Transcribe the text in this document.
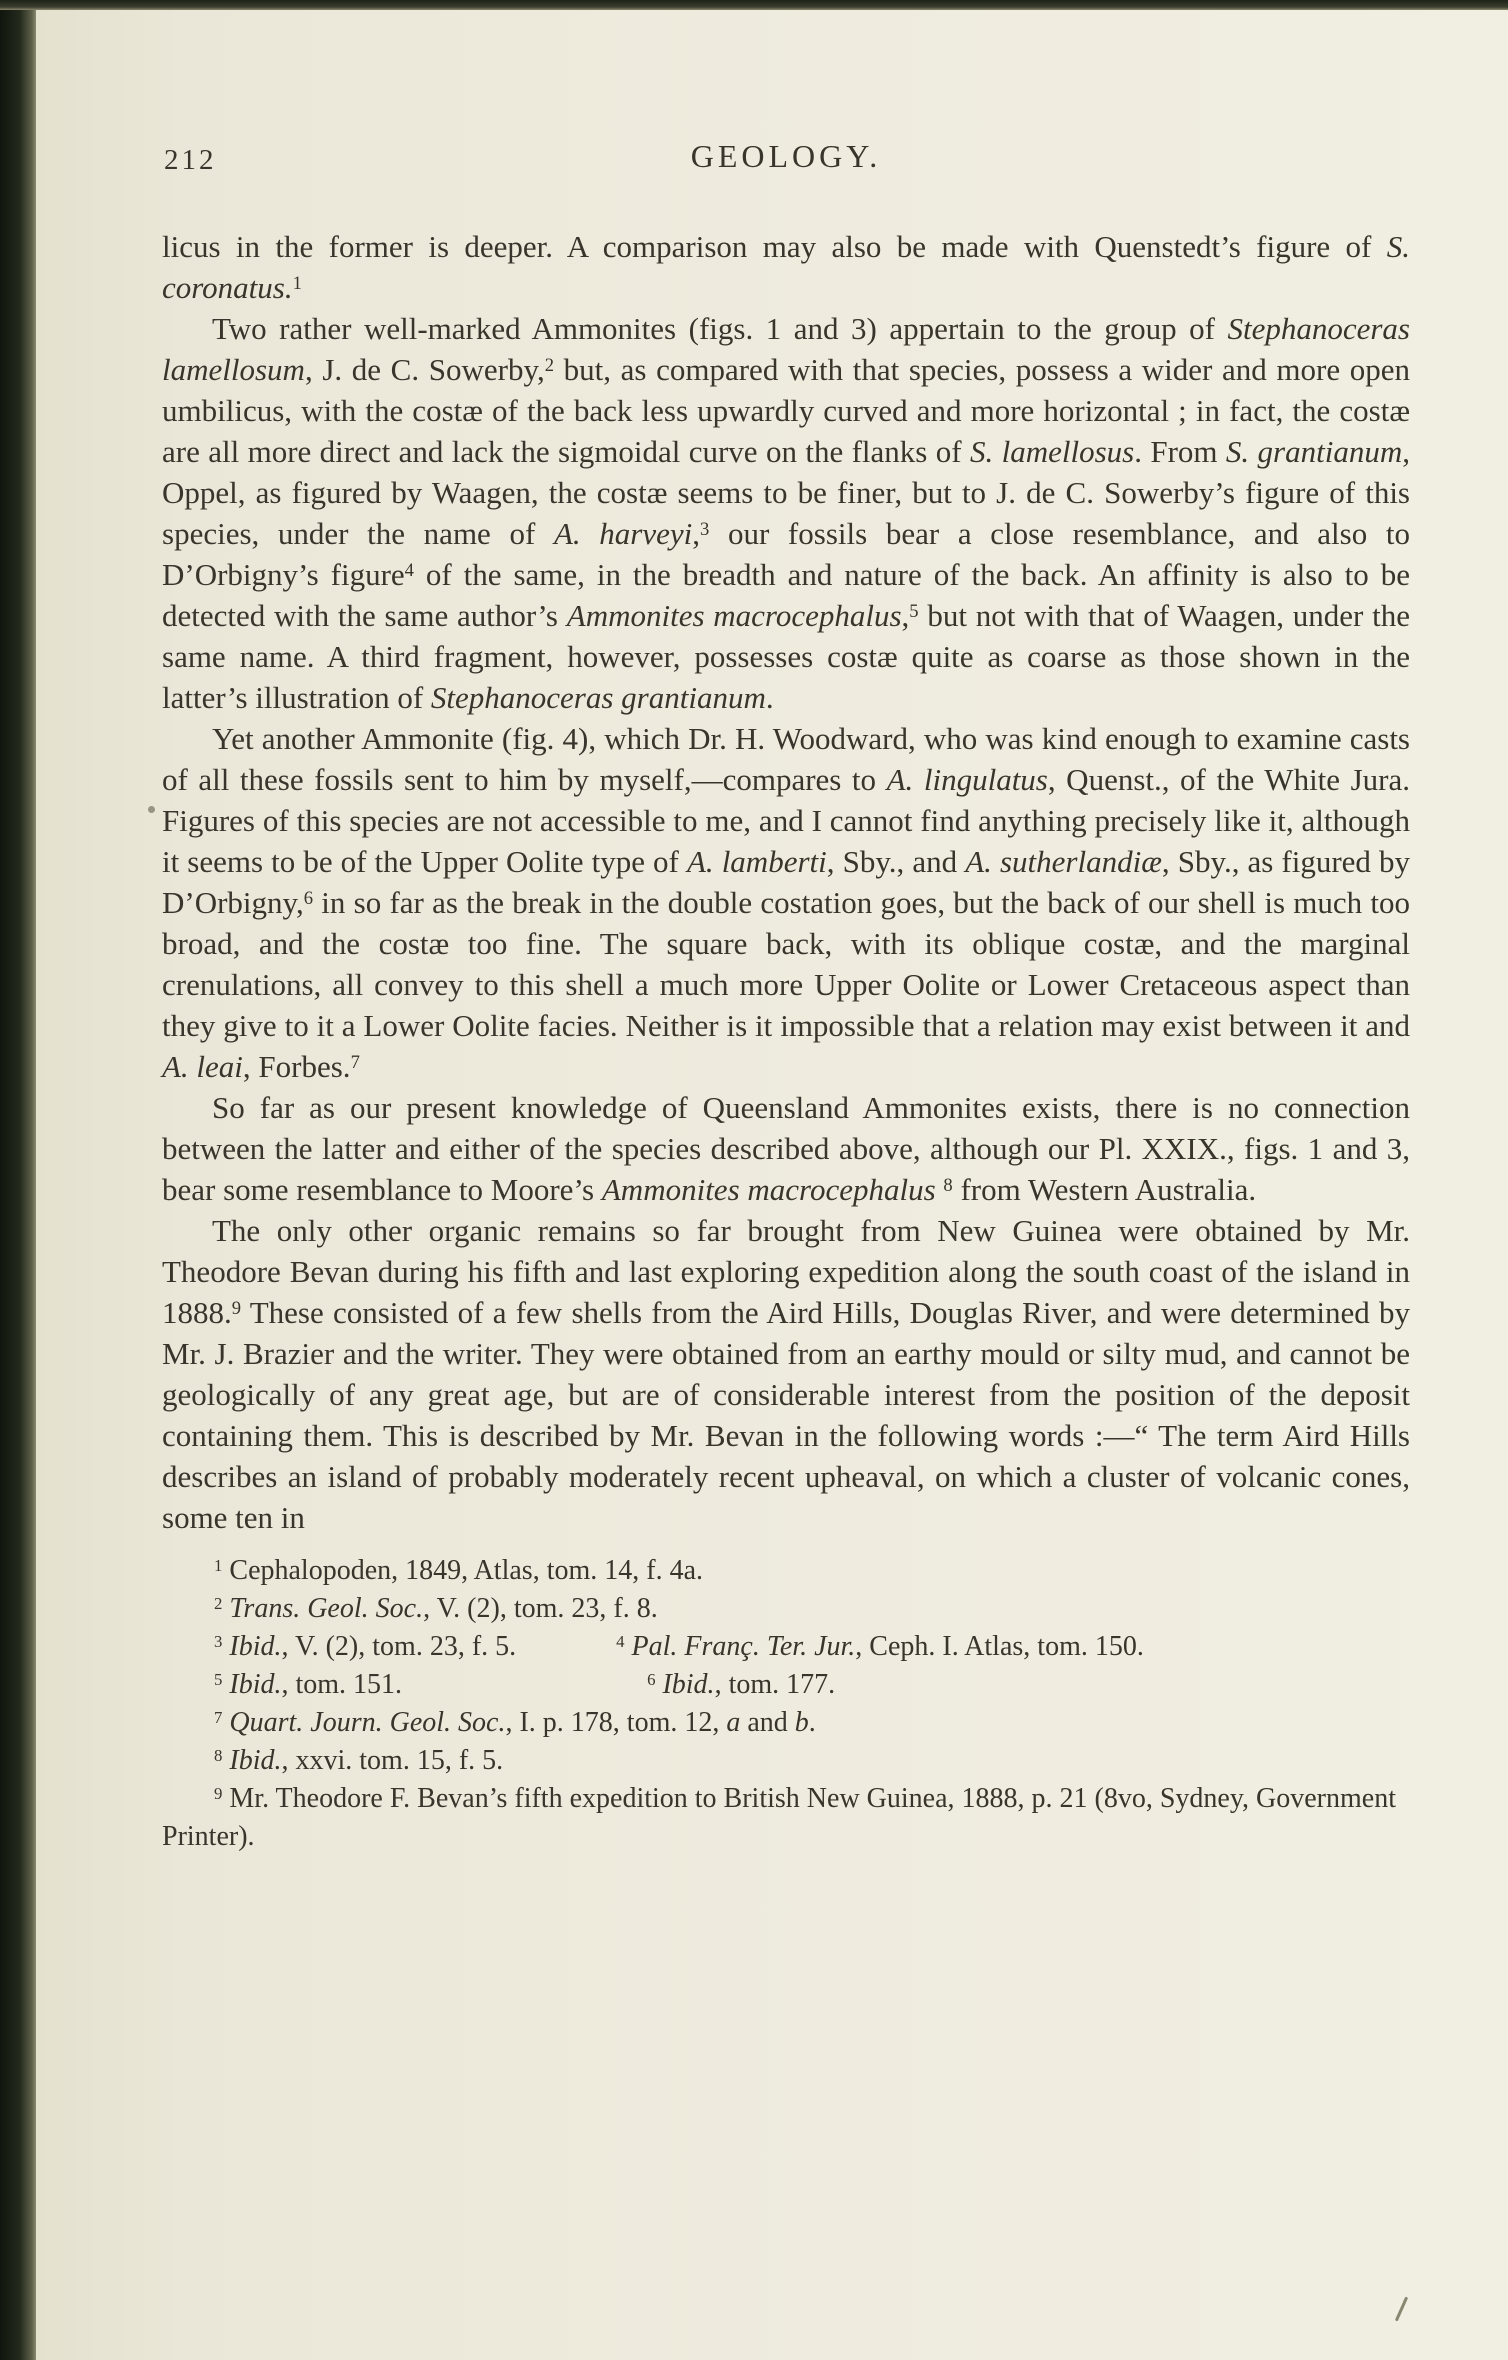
212	GEOLOGY.

licus in the former is deeper. A comparison may also be made with Quenstedt’s figure of S. coronatus.$^1$

Two rather well-marked Ammonites (figs. 1 and 3) appertain to the group of Stephanoceras lamellosum, J. de C. Sowerby,$^2$ but, as compared with that species, possess a wider and more open umbilicus, with the costæ of the back less upwardly curved and more horizontal ; in fact, the costæ are all more direct and lack the sigmoidal curve on the flanks of S. lamellosus. From S. grantianum, Oppel, as figured by Waagen, the costæ seems to be finer, but to J. de C. Sowerby’s figure of this species, under the name of A. harveyi,$^3$ our fossils bear a close resemblance, and also to D’Orbigny’s figure$^4$ of the same, in the breadth and nature of the back. An affinity is also to be detected with the same author’s Ammonites macrocephalus,$^5$ but not with that of Waagen, under the same name. A third fragment, however, possesses costæ quite as coarse as those shown in the latter’s illustration of Stephanoceras grantianum.

Yet another Ammonite (fig. 4), which Dr. H. Woodward, who was kind enough to examine casts of all these fossils sent to him by myself,—compares to A. lingulatus, Quenst., of the White Jura. Figures of this species are not accessible to me, and I cannot find anything precisely like it, although it seems to be of the Upper Oolite type of A. lamberti, Sby., and A. sutherlandiæ, Sby., as figured by D’Orbigny,$^6$ in so far as the break in the double costation goes, but the back of our shell is much too broad, and the costæ too fine. The square back, with its oblique costæ, and the marginal crenulations, all convey to this shell a much more Upper Oolite or Lower Cretaceous aspect than they give to it a Lower Oolite facies. Neither is it impossible that a relation may exist between it and A. leai, Forbes.$^7$

So far as our present knowledge of Queensland Ammonites exists, there is no connection between the latter and either of the species described above, although our Pl. XXIX., figs. 1 and 3, bear some resemblance to Moore’s Ammonites macrocephalus $^8$ from Western Australia.

The only other organic remains so far brought from New Guinea were obtained by Mr. Theodore Bevan during his fifth and last exploring expedition along the south coast of the island in 1888.$^9$ These consisted of a few shells from the Aird Hills, Douglas River, and were determined by Mr. J. Brazier and the writer. They were obtained from an earthy mould or silty mud, and cannot be geologically of any great age, but are of considerable interest from the position of the deposit containing them. This is described by Mr. Bevan in the following words :—“ The term Aird Hills describes an island of probably moderately recent upheaval, on which a cluster of volcanic cones, some ten in

$^1$ Cephalopoden, 1849, Atlas, tom. 14, f. 4a.

$^2$ Trans. Geol. Soc., V. (2), tom. 23, f. 8.

$^3$ Ibid., V. (2), tom. 23, f. 5.	$^4$ Pal. Franç. Ter. Jur., Ceph. I. Atlas, tom. 150.

$^5$ Ibid., tom. 151.	$^6$ Ibid., tom. 177.

$^7$ Quart. Journ. Geol. Soc., I. p. 178, tom. 12, a and b.

$^8$ Ibid., xxvi. tom. 15, f. 5.

$^9$ Mr. Theodore F. Bevan’s fifth expedition to British New Guinea, 1888, p. 21 (8vo, Sydney, Government Printer).
